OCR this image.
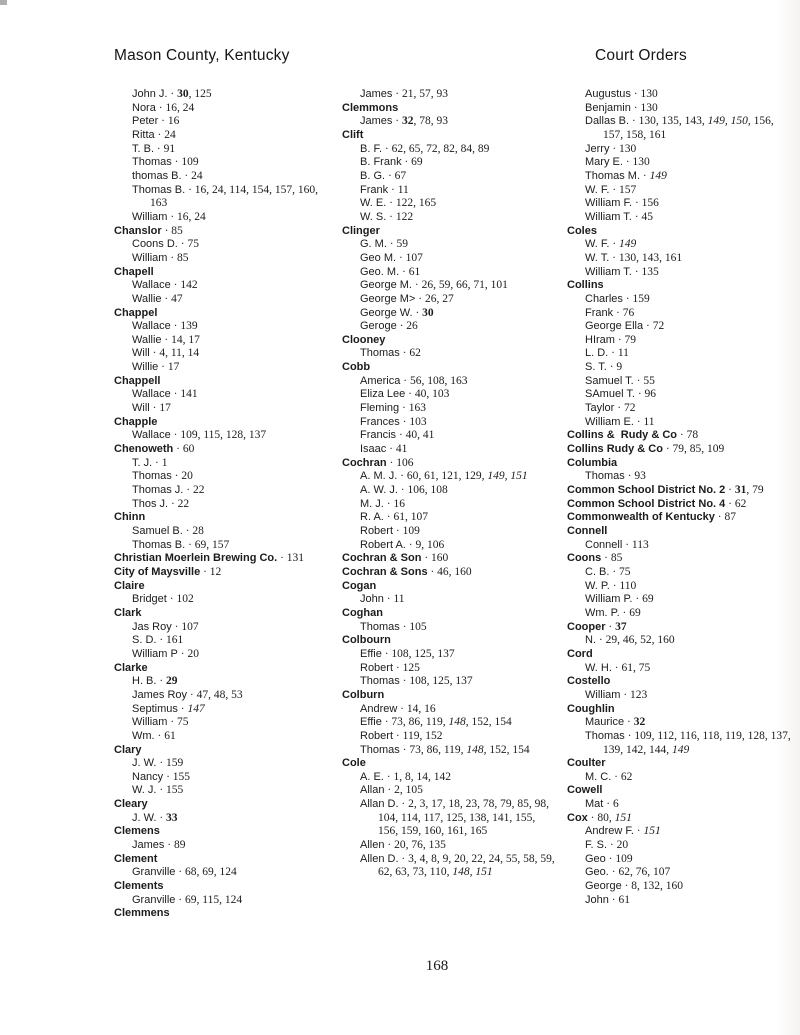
Mason County, Kentucky	Court Orders
John J. · 30, 125
Nora · 16, 24
Peter · 16
Ritta · 24
T. B. · 91
Thomas · 109
thomas B. · 24
Thomas B. · 16, 24, 114, 154, 157, 160, 163
William · 16, 24
Chanslor · 85
Coons D. · 75
William · 85
Chapell
Wallace · 142
Wallie · 47
Chappel
Wallace · 139
Wallie · 14, 17
Will · 4, 11, 14
Willie · 17
Chappell
Wallace · 141
Will · 17
Chapple
Wallace · 109, 115, 128, 137
Chenoweth · 60
T. J. · 1
Thomas · 20
Thomas J. · 22
Thos J. · 22
Chinn
Samuel B. · 28
Thomas B. · 69, 157
Christian Moerlein Brewing Co. · 131
City of Maysville · 12
Claire
Bridget · 102
Clark
Jas Roy · 107
S. D. · 161
William P · 20
Clarke
H. B. · 29
James Roy · 47, 48, 53
Septimus · 147
William · 75
Wm. · 61
Clary
J. W. · 159
Nancy · 155
W. J. · 155
Cleary
J. W. · 33
Clemens
James · 89
Clement
Granville · 68, 69, 124
Clements
Granville · 69, 115, 124
Clemmens
James · 21, 57, 93
Clemmons
James · 32, 78, 93
Clift
B. F. · 62, 65, 72, 82, 84, 89
B. Frank · 69
B. G. · 67
Frank · 11
W. E. · 122, 165
W. S. · 122
Clinger
G. M. · 59
Geo M. · 107
Geo. M. · 61
George M. · 26, 59, 66, 71, 101
George M> · 26, 27
George W. · 30
Geroge · 26
Clooney
Thomas · 62
Cobb
America · 56, 108, 163
Eliza Lee · 40, 103
Fleming · 163
Frances · 103
Francis · 40, 41
Isaac · 41
Cochran · 106
A. M. J. · 60, 61, 121, 129, 149, 151
A. W. J. · 106, 108
M. J. · 16
R. A. · 61, 107
Robert · 109
Robert A. · 9, 106
Cochran & Son · 160
Cochran & Sons · 46, 160
Cogan
John · 11
Coghan
Thomas · 105
Colbourn
Effie · 108, 125, 137
Robert · 125
Thomas · 108, 125, 137
Colburn
Andrew · 14, 16
Effie · 73, 86, 119, 148, 152, 154
Robert · 119, 152
Thomas · 73, 86, 119, 148, 152, 154
Cole
A. E. · 1, 8, 14, 142
Allan · 2, 105
Allan D. · 2, 3, 17, 18, 23, 78, 79, 85, 98, 104, 114, 117, 125, 138, 141, 155, 156, 159, 160, 161, 165
Allen · 20, 76, 135
Allen D. · 3, 4, 8, 9, 20, 22, 24, 55, 58, 59, 62, 63, 73, 110, 148, 151
Augustus · 130
Benjamin · 130
Dallas B. · 130, 135, 143, 149, 150, 156, 157, 158, 161
Jerry · 130
Mary E. · 130
Thomas M. · 149
W. F. · 157
William F. · 156
William T. · 45
Coles
W. F. · 149
W. T. · 130, 143, 161
William T. · 135
Collins
Charles · 159
Frank · 76
George Ella · 72
HIram · 79
L. D. · 11
S. T. · 9
Samuel T. · 55
SAmuel T. · 96
Taylor · 72
William E. · 11
Collins &  Rudy & Co · 78
Collins Rudy & Co · 79, 85, 109
Columbia
Thomas · 93
Common School District No. 2 · 31, 79
Common School District No. 4 · 62
Commonwealth of Kentucky · 87
Connell
Connell · 113
Coons · 85
C. B. · 75
W. P. · 110
William P. · 69
Wm. P. · 69
Cooper · 37
N. · 29, 46, 52, 160
Cord
W. H. · 61, 75
Costello
William · 123
Coughlin
Maurice · 32
Thomas · 109, 112, 116, 118, 119, 128, 137, 139, 142, 144, 149
Coulter
M. C. · 62
Cowell
Mat · 6
Cox · 80, 151
Andrew F. · 151
F. S. · 20
Geo · 109
Geo. · 62, 76, 107
George · 8, 132, 160
John · 61
168
